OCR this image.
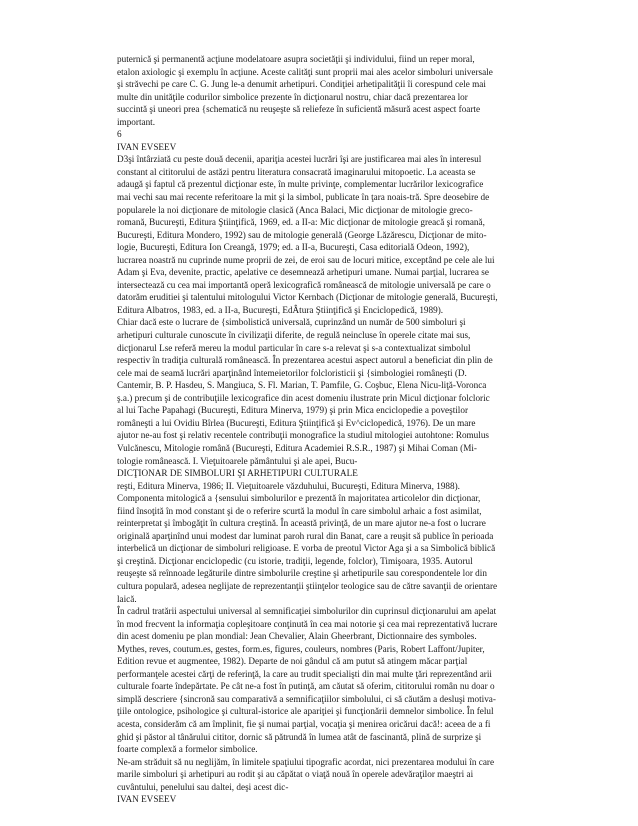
puternică şi permanentă acţiune modelatoare asupra societăţii şi individului, fiind un reper moral,
etalon axiologic şi exemplu în acţiune. Aceste calităţi sunt proprii mai ales acelor simboluri universale
şi străvechi pe care C. G. Jung le-a denumit arhetipuri. Condiţiei arhetipalităţii îi corespund cele mai
multe din unităţile codurilor simbolice prezente în dicţionarul nostru, chiar dacă prezentarea lor
succintă şi uneori prea {schematică nu reuşeşte să reliefeze în suficientă măsură acest aspect foarte
important.
6
IVAN EVSEEV
D3şi întârziată cu peste două decenii, apariţia acestei lucrări îşi are justificarea mai ales în interesul
constant al cititorului de astăzi pentru literatura consacrată imaginarului mitopoetic. La aceasta se
adaugă şi faptul că prezentul dicţionar este, în multe privinţe, complementar lucrărilor lexicografice
mai vechi sau mai recente referitoare la mit şi la simbol, publicate în ţara noais-tră. Spre deosebire de
popularele la noi dicţionare de mitologie clasică (Anca Balaci, Mic dicţionar de mitologie greco-
romană, Bucureşti, Editura Ştiinţifică, 1969, ed. a II-a: Mic dicţionar de mitologie greacă şi romană,
Bucureşti, Editura Mondero, 1992) sau de mitologie generală (George Lăzărescu, Dicţionar de mito-
logie, Bucureşti, Editura Ion Creangă, 1979; ed. a II-a, Bucureşti, Casa editorială Odeon, 1992),
lucrarea noastră nu cuprinde nume proprii de zei, de eroi sau de locuri mitice, exceptând pe cele ale lui
Adam şi Eva, devenite, practic, apelative ce desemnează arhetipuri umane. Numai parţial, lucrarea se
intersectează cu cea mai importantă operă lexicografică românească de mitologie universală pe care o
datorăm eruditiei şi talentului mitologului Victor Kernbach (Dicţionar de mitologie generală, Bucureşti,
Editura Albatros, 1983, ed. a II-a, Bucureşti, EdÂtura Ştiinţifică şi Enciclopedică, 1989).
Chiar dacă este o lucrare de {simbolistică universală, cuprinzând un număr de 500 simboluri şi
arhetipuri culturale cunoscute în civilizaţii diferite, de regulă neincluse în operele citate mai sus,
dicţionarul Lse referă mereu la modul particular în care s-a relevat şi s-a contextualizat simbolul
respectiv în tradiţia culturală românească. În prezentarea acestui aspect autorul a beneficiat din plin de
cele mai de seamă lucrări aparţinând întemeietorilor folcloristicii şi {simbologiei româneşti (D.
Cantemir, B. P. Hasdeu, S. Mangiuca, S. Fl. Marian, T. Pamfile, G. Coşbuc, Elena Nicu-liţă-Voronca
ş.a.) precum şi de contribuţiile lexicografice din acest domeniu ilustrate prin Micul dicţionar folcloric
al lui Tache Papahagi (Bucureşti, Editura Minerva, 1979) şi prin Mica enciclopedie a poveştilor
româneşti a lui Ovidiu Bîrlea (Bucureşti, Editura Ştiinţifică şi Ev^ciclopedică, 1976). De un mare
ajutor ne-au fost şi relativ recentele contribuţii monografice la studiul mitologiei autohtone: Romulus
Vulcănescu, Mitologie română (Bucureşti, Editura Academiei R.S.R., 1987) şi Mihai Coman (Mi-
tologie românească. I. Vieţuitoarele pământului şi ale apei, Bucu-
DICŢIONAR DE SIMBOLURI ŞI ARHETIPURI CULTURALE
reşti, Editura Minerva, 1986; II. Vieţuitoarele văzduhului, Bucureşti, Editura Minerva, 1988).
Componenta mitologică a {sensului simbolurilor e prezentă în majoritatea articolelor din dicţionar,
fiind însoţită în mod constant şi de o referire scurtă la modul în care simbolul arhaic a fost asimilat,
reinterpretat şi îmbogăţit în cultura creştină. În această privinţă, de un mare ajutor ne-a fost o lucrare
originală aparţinînd unui modest dar luminat paroh rural din Banat, care a reuşit să publice în perioada
interbelică un dicţionar de simboluri religioase. E vorba de preotul Victor Aga şi a sa Simbolică biblică
şi creştină. Dicţionar enciclopedic (cu istorie, tradiţii, legende, folclor), Timişoara, 1935. Autorul
reuşeşte să reînnoade legăturile dintre simbolurile creştine şi arhetipurile sau corespondentele lor din
cultura populară, adesea neglijate de reprezentanţii ştiinţelor teologice sau de către savanţii de orientare
laică.
În cadrul tratării aspectului universal al semnificaţiei simbolurilor din cuprinsul dicţionarului am apelat
în mod frecvent la informaţia copleşitoare conţinută în cea mai notorie şi cea mai reprezentativă lucrare
din acest domeniu pe plan mondial: Jean Chevalier, Alain Gheerbrant, Dictionnaire des symboles.
Mythes, reves, coutum.es, gestes, form.es, figures, couleurs, nombres (Paris, Robert Laffont/Jupiter,
Edition revue et augmentee, 1982). Departe de noi gândul că am putut să atingem măcar parţial
performanţele acestei cărţi de referinţă, la care au trudit specialişti din mai multe ţări reprezentând arii
culturale foarte îndepărtate. Pe cât ne-a fost în putinţă, am căutat să oferim, cititorului român nu doar o
simplă descriere {sincronă sau comparativă a semnificaţiilor simbolului, ci să căutăm a desluşi motiva-
ţiile ontologice, psihologice şi cultural-istorice ale apariţiei şi funcţionării demnelor simbolice. În felul
acesta, considerăm că am împlinit, fie şi numai parţial, vocaţia şi menirea oricărui dacă!: aceea de a fi
ghid şi păstor al tânărului cititor, dornic să pătrundă în lumea atât de fascinantă, plină de surprize şi
foarte complexă a formelor simbolice.
Ne-am străduit să nu neglijăm, în limitele spaţiului tipografic acordat, nici prezentarea modului în care
marile simboluri şi arhetipuri au rodit şi au căpătat o viaţă nouă în operele adevăraţilor maeştri ai
cuvântului, penelului sau daltei, deşi acest dic-
IVAN EVSEEV
